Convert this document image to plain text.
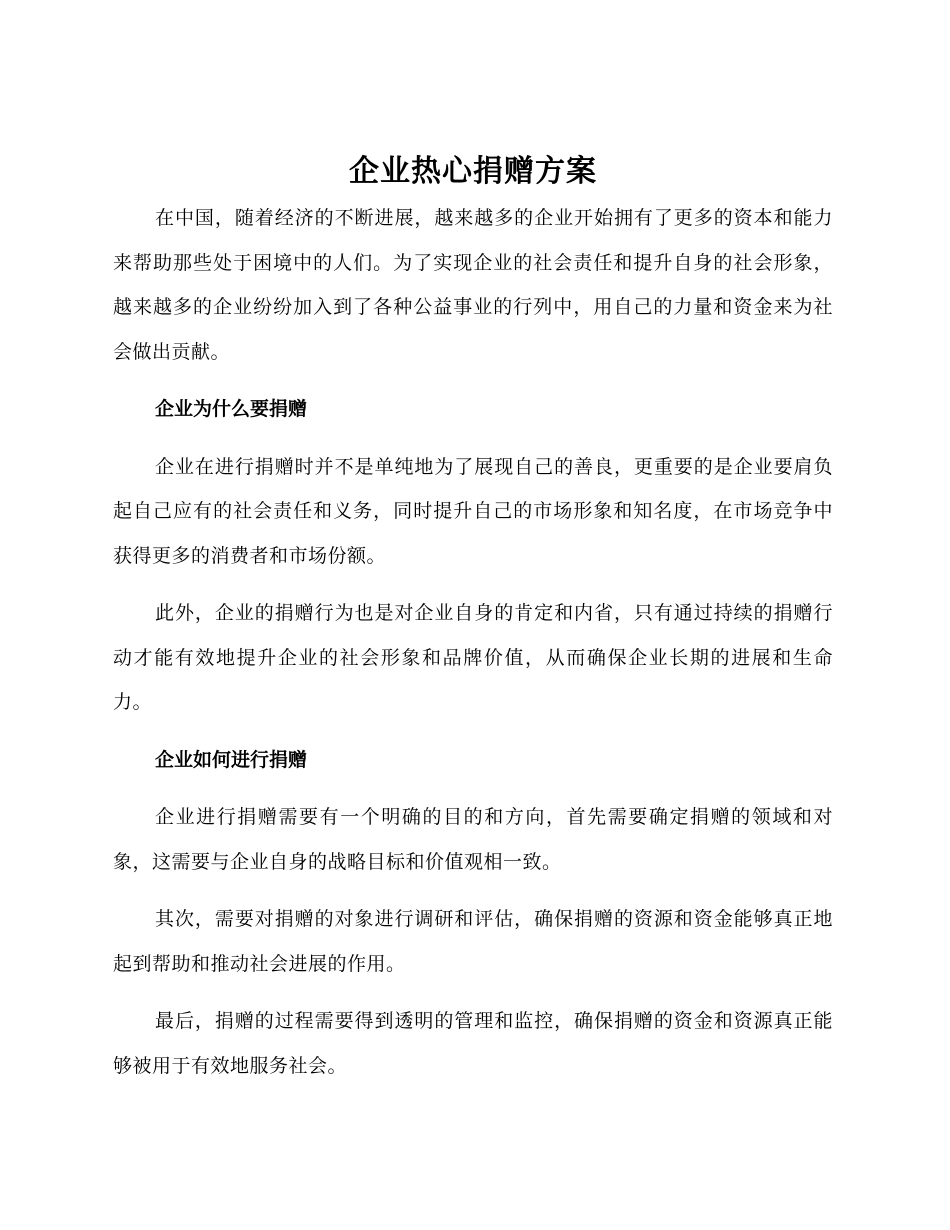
企业热心捐赠方案

在中国，随着经济的不断进展，越来越多的企业开始拥有了更多的资本和能力来帮助那些处于困境中的人们。为了实现企业的社会责任和提升自身的社会形象，越来越多的企业纷纷加入到了各种公益事业的行列中，用自己的力量和资金来为社会做出贡献。

企业为什么要捐赠

企业在进行捐赠时并不是单纯地为了展现自己的善良，更重要的是企业要肩负起自己应有的社会责任和义务，同时提升自己的市场形象和知名度，在市场竞争中获得更多的消费者和市场份额。

此外，企业的捐赠行为也是对企业自身的肯定和内省，只有通过持续的捐赠行动才能有效地提升企业的社会形象和品牌价值，从而确保企业长期的进展和生命力。

企业如何进行捐赠

企业进行捐赠需要有一个明确的目的和方向，首先需要确定捐赠的领域和对象，这需要与企业自身的战略目标和价值观相一致。

其次，需要对捐赠的对象进行调研和评估，确保捐赠的资源和资金能够真正地起到帮助和推动社会进展的作用。

最后，捐赠的过程需要得到透明的管理和监控，确保捐赠的资金和资源真正能够被用于有效地服务社会。
